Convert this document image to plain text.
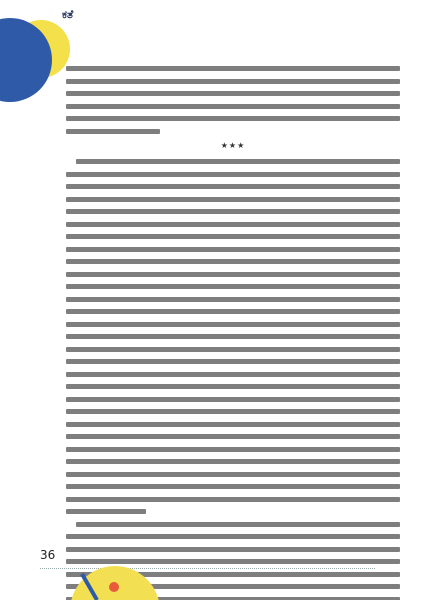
ಕತೆ
★★★
36
